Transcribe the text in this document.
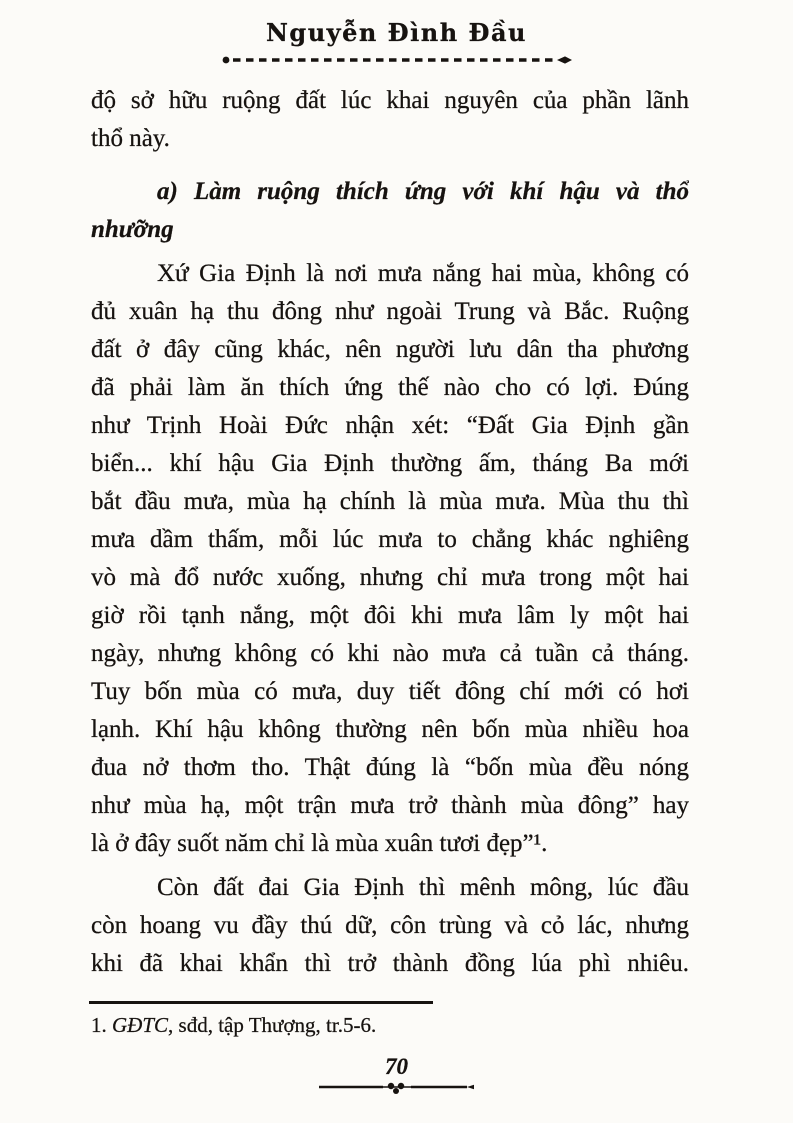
Nguyễn Đình Đầu
độ sở hữu ruộng đất lúc khai nguyên của phần lãnh
thổ này.
a) Làm ruộng thích ứng với khí hậu và thổ
nhưỡng
Xứ Gia Định là nơi mưa nắng hai mùa, không có
đủ xuân hạ thu đông như ngoài Trung và Bắc. Ruộng
đất ở đây cũng khác, nên người lưu dân tha phương
đã phải làm ăn thích ứng thế nào cho có lợi. Đúng
như Trịnh Hoài Đức nhận xét: “Đất Gia Định gần
biển... khí hậu Gia Định thường ấm, tháng Ba mới
bắt đầu mưa, mùa hạ chính là mùa mưa. Mùa thu thì
mưa dầm thấm, mỗi lúc mưa to chẳng khác nghiêng
vò mà đổ nước xuống, nhưng chỉ mưa trong một hai
giờ rồi tạnh nắng, một đôi khi mưa lâm ly một hai
ngày, nhưng không có khi nào mưa cả tuần cả tháng.
Tuy bốn mùa có mưa, duy tiết đông chí mới có hơi
lạnh. Khí hậu không thường nên bốn mùa nhiều hoa
đua nở thơm tho. Thật đúng là “bốn mùa đều nóng
như mùa hạ, một trận mưa trở thành mùa đông” hay
là ở đây suốt năm chỉ là mùa xuân tươi đẹp”¹.
Còn đất đai Gia Định thì mênh mông, lúc đầu
còn hoang vu đầy thú dữ, côn trùng và cỏ lác, nhưng
khi đã khai khẩn thì trở thành đồng lúa phì nhiêu.
1. GĐTC, sđd, tập Thượng, tr.5-6.
70
